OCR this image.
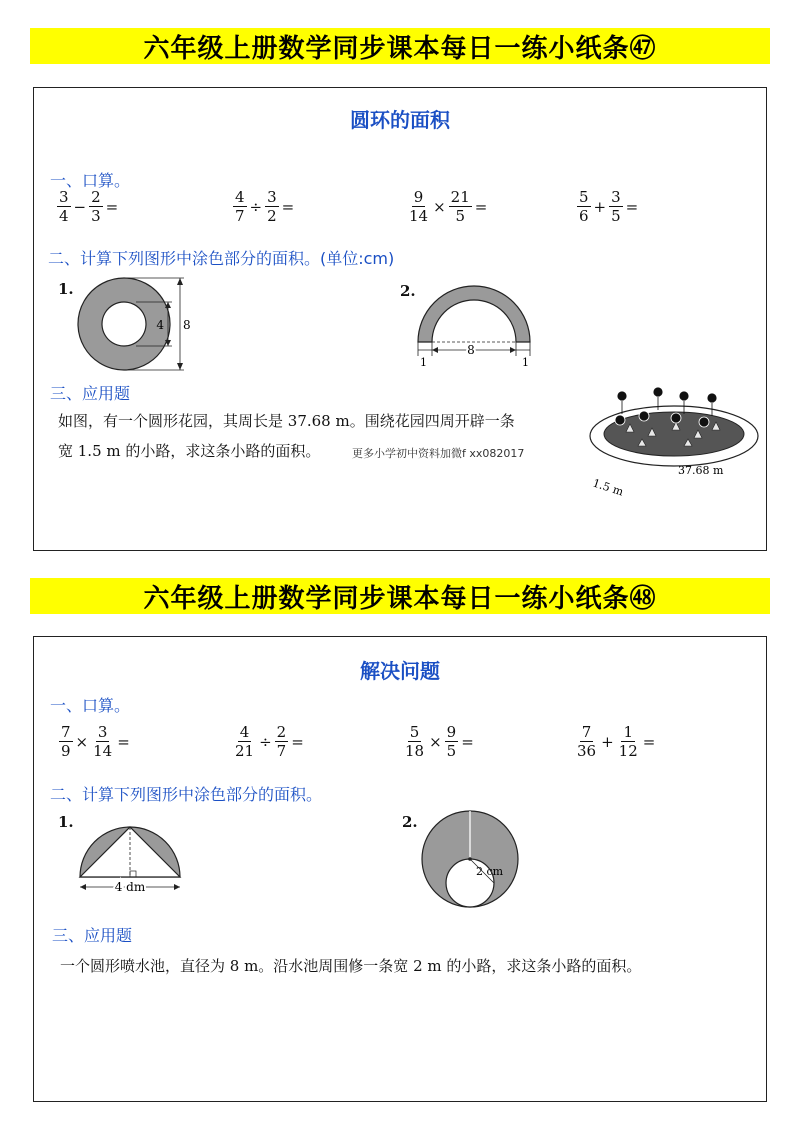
六年级上册数学同步课本每日一练小纸条㊼
圆环的面积
一、口算。
$\frac{3}{4} - \frac{2}{3}$ =	$\frac{4}{7} \div \frac{3}{2}$ =	$\frac{9}{14} \times \frac{21}{5}$ =	$\frac{5}{6} + \frac{3}{5}$ =
二、计算下列图形中涂色部分的面积。(单位:cm)
1.
4 8
2.
1
8
1
三、应用题
如图，有一个圆形花园，其周长是 37.68 m。围绕花园四周开辟一条
宽 1.5 m 的小路，求这条小路的面积。	更多小学初中资料加微f xx082017
1.5 m
37.68 m
六年级上册数学同步课本每日一练小纸条㊽
解决问题
一、口算。
$\frac{7}{9} \times \frac{3}{14}$ =	$\frac{4}{21} \div \frac{2}{7}$ =	$\frac{5}{18} \times \frac{9}{5}$ =	$\frac{7}{36} + \frac{1}{12}$ =
二、计算下列图形中涂色部分的面积。
1.
4 dm
2.
2 cm
三、应用题
一个圆形喷水池，直径为 8 m。沿水池周围修一条宽 2 m 的小路，求这条小路的面积。
